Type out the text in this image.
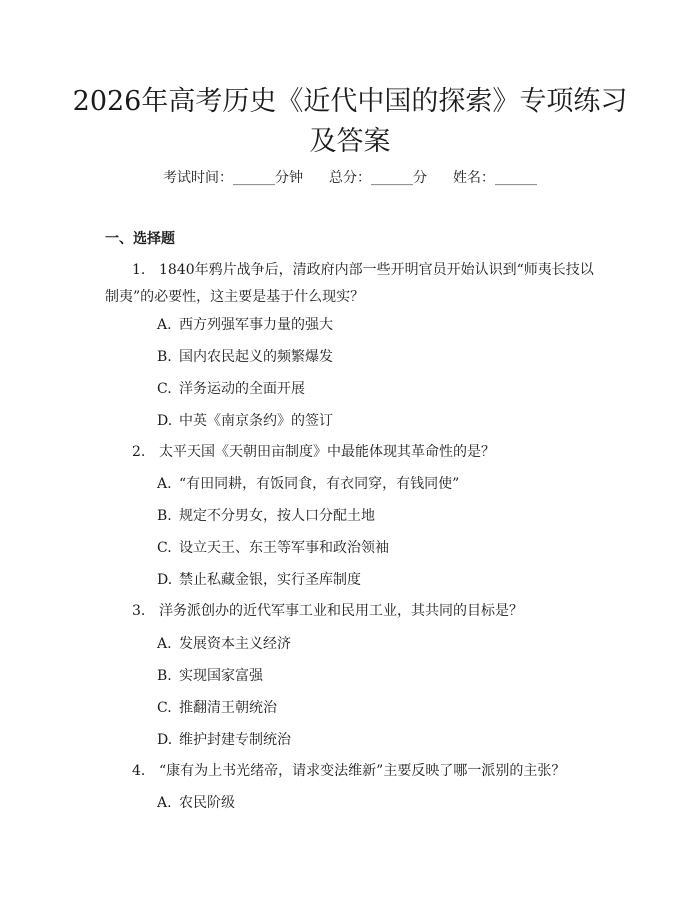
2026年高考历史《近代中国的探索》专项练习及答案
考试时间：______分钟 总分：______分 姓名：______
一、选择题

1. 1840年鸦片战争后，清政府内部一些开明官员开始认识到“师夷长技以制夷”的必要性，这主要是基于什么现实？

A. 西方列强军事力量的强大

B. 国内农民起义的频繁爆发

C. 洋务运动的全面开展

D. 中英《南京条约》的签订

2. 太平天国《天朝田亩制度》中最能体现其革命性的是？

A. “有田同耕，有饭同食，有衣同穿，有钱同使”

B. 规定不分男女，按人口分配土地

C. 设立天王、东王等军事和政治领袖

D. 禁止私藏金银，实行圣库制度

3. 洋务派创办的近代军事工业和民用工业，其共同的目标是？

A. 发展资本主义经济

B. 实现国家富强

C. 推翻清王朝统治

D. 维护封建专制统治

4. “康有为上书光绪帝，请求变法维新”主要反映了哪一派别的主张？

A. 农民阶级
